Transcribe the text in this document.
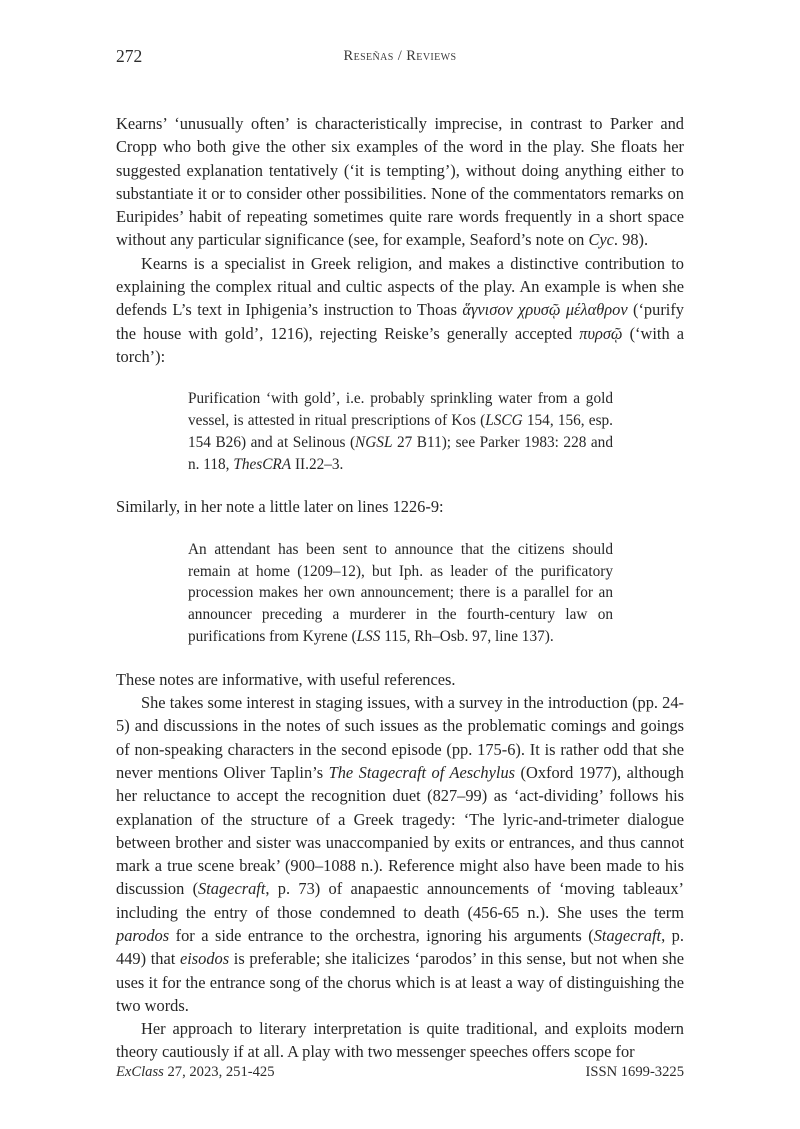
272	Reseñas / Reviews

Kearns’ ‘unusually often’ is characteristically imprecise, in contrast to Parker and Cropp who both give the other six examples of the word in the play. She floats her suggested explanation tentatively (‘it is tempting’), without doing anything either to substantiate it or to consider other possibilities. None of the commentators remarks on Euripides’ habit of repeating sometimes quite rare words frequently in a short space without any particular significance (see, for example, Seaford’s note on Cyc. 98).

Kearns is a specialist in Greek religion, and makes a distinctive contribution to explaining the complex ritual and cultic aspects of the play. An example is when she defends L’s text in Iphigenia’s instruction to Thoas ἅγνισον χρυσῷ μέλαθρον (‘purify the house with gold’, 1216), rejecting Reiske’s generally accepted πυρσῷ (‘with a torch’):

Purification ‘with gold’, i.e. probably sprinkling water from a gold vessel, is attested in ritual prescriptions of Kos (LSCG 154, 156, esp. 154 B26) and at Selinous (NGSL 27 B11); see Parker 1983: 228 and n. 118, ThesCRA II.22–3.

Similarly, in her note a little later on lines 1226-9:

An attendant has been sent to announce that the citizens should remain at home (1209–12), but Iph. as leader of the purificatory procession makes her own announcement; there is a parallel for an announcer preceding a murderer in the fourth-century law on purifications from Kyrene (LSS 115, Rh–Osb. 97, line 137).

These notes are informative, with useful references.

She takes some interest in staging issues, with a survey in the introduction (pp. 24-5) and discussions in the notes of such issues as the problematic comings and goings of non-speaking characters in the second episode (pp. 175-6). It is rather odd that she never mentions Oliver Taplin’s The Stagecraft of Aeschylus (Oxford 1977), although her reluctance to accept the recognition duet (827–99) as ‘act-dividing’ follows his explanation of the structure of a Greek tragedy: ‘The lyric-and-trimeter dialogue between brother and sister was unaccompanied by exits or entrances, and thus cannot mark a true scene break’ (900–1088 n.). Reference might also have been made to his discussion (Stagecraft, p. 73) of anapaestic announcements of ‘moving tableaux’ including the entry of those condemned to death (456-65 n.). She uses the term parodos for a side entrance to the orchestra, ignoring his arguments (Stagecraft, p. 449) that eisodos is preferable; she italicizes ‘parodos’ in this sense, but not when she uses it for the entrance song of the chorus which is at least a way of distinguishing the two words.

Her approach to literary interpretation is quite traditional, and exploits modern theory cautiously if at all. A play with two messenger speeches offers scope for

ExClass 27, 2023, 251-425	ISSN 1699-3225
